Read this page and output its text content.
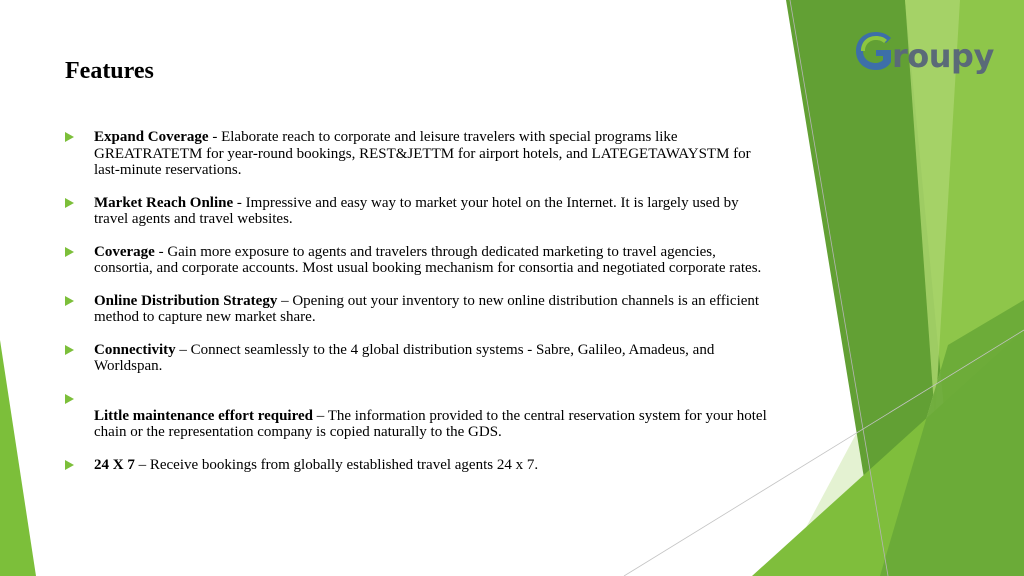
roupy
Features
Expand Coverage - Elaborate reach to corporate and leisure travelers with special programs like GREATRATETM for year-round bookings, REST&JETTM for airport hotels, and LATEGETAWAYSTM for last-minute reservations.
Market Reach Online - Impressive and easy way to market your hotel on the Internet. It is largely used by travel agents and travel websites.
Coverage - Gain more exposure to agents and travelers through dedicated marketing to travel agencies, consortia, and corporate accounts. Most usual booking mechanism for consortia and negotiated corporate rates.
Online Distribution Strategy – Opening out your inventory to new online distribution channels is an efficient method to capture new market share.
Connectivity – Connect seamlessly to the 4 global distribution systems - Sabre, Galileo, Amadeus, and Worldspan.
Little maintenance effort required – The information provided to the central reservation system for your hotel chain or the representation company is copied naturally to the GDS.
24 X 7 – Receive bookings from globally established travel agents 24 x 7.
